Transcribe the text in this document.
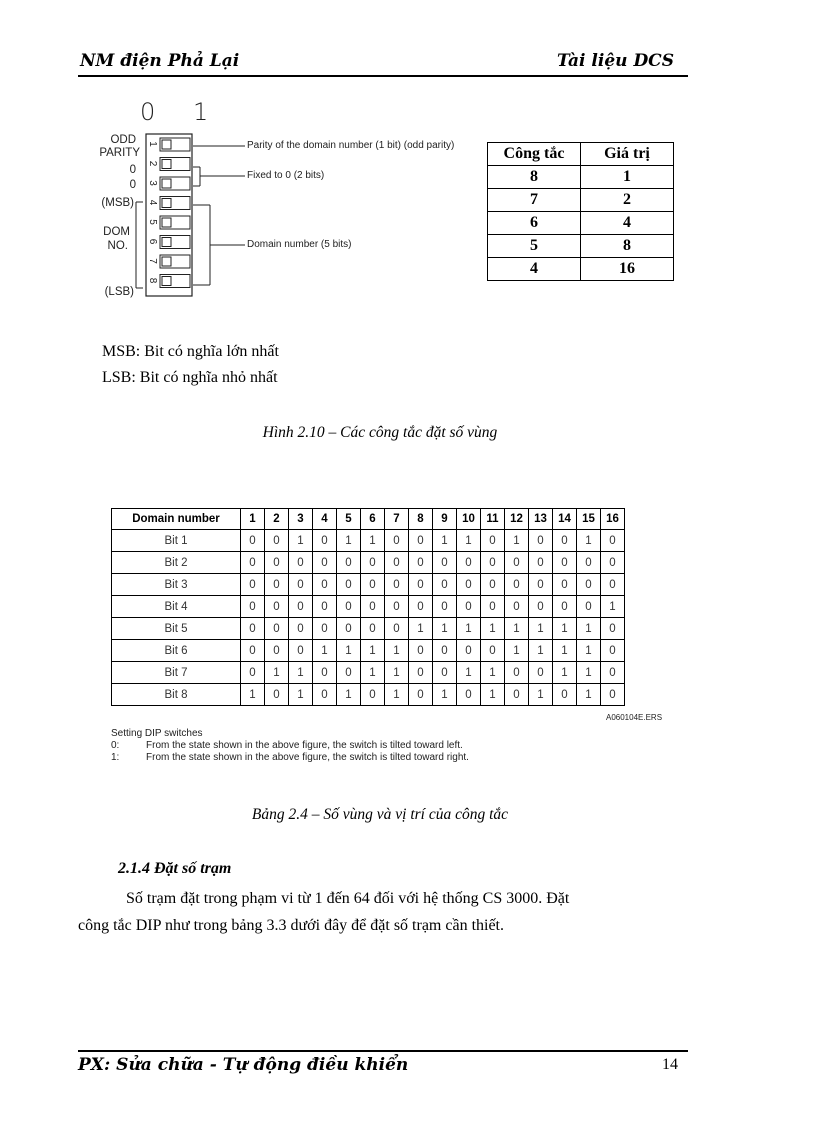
NM điện Phả Lại	Tài liệu DCS
0 1
ODD
PARITY
0
0
(MSB)
DOM
NO.
(LSB)
1
2
3
4
5
6
7
8
Parity of the domain number (1 bit) (odd parity)
Fixed to 0 (2 bits)
Domain number (5 bits)
Công tắc	Giá trị
8	1
7	2
6	4
5	8
4	16
MSB: Bit có nghĩa lớn nhất
LSB: Bit có nghĩa nhỏ nhất
Hình 2.10 – Các công tắc đặt số vùng
Domain number	1	2	3	4	5	6	7	8	9	10	11	12	13	14	15	16
Bit 1	0	0	1	0	1	1	0	0	1	1	0	1	0	0	1	0
Bit 2	0	0	0	0	0	0	0	0	0	0	0	0	0	0	0	0
Bit 3	0	0	0	0	0	0	0	0	0	0	0	0	0	0	0	0
Bit 4	0	0	0	0	0	0	0	0	0	0	0	0	0	0	0	1
Bit 5	0	0	0	0	0	0	0	1	1	1	1	1	1	1	1	0
Bit 6	0	0	0	1	1	1	1	0	0	0	0	1	1	1	1	0
Bit 7	0	1	1	0	0	1	1	0	0	1	1	0	0	1	1	0
Bit 8	1	0	1	0	1	0	1	0	1	0	1	0	1	0	1	0
A060104E.ERS
Setting DIP switches
0:	From the state shown in the above figure, the switch is tilted toward left.
1:	From the state shown in the above figure, the switch is tilted toward right.
Bảng 2.4 – Số vùng và vị trí của công tắc
2.1.4 Đặt số trạm
Số trạm đặt trong phạm vi từ 1 đến 64 đối với hệ thống CS 3000. Đặt
công tắc DIP như trong bảng 3.3 dưới đây để đặt số trạm cần thiết.
PX: Sửa chữa - Tự động điều khiển	14
